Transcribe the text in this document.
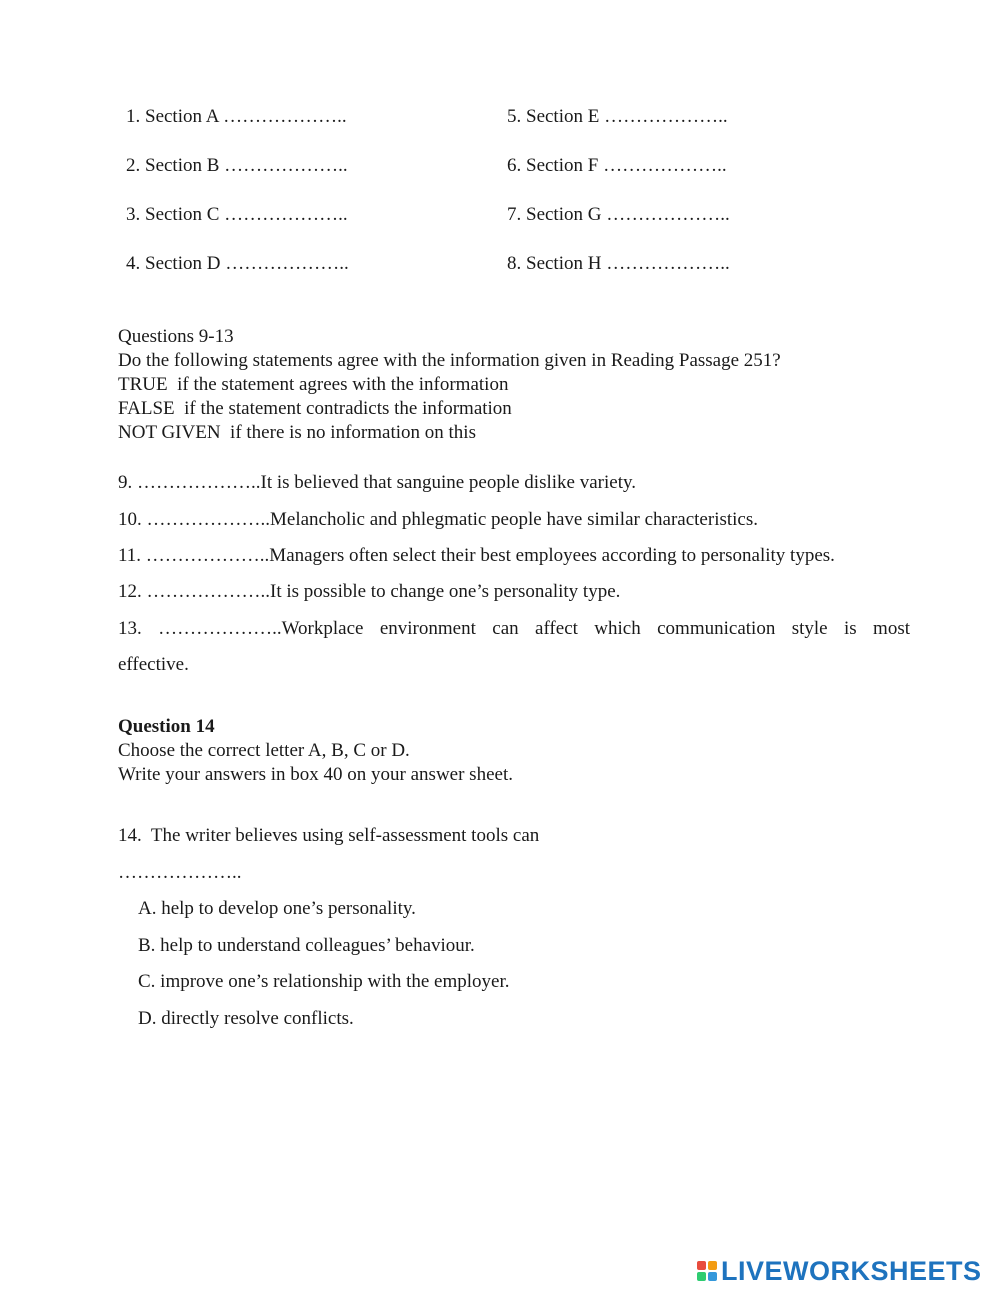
1. Section A ………………..
2. Section B ………………..
3. Section C ………………..
4. Section D ………………..
5. Section E ………………..
6. Section F ………………..
7. Section G ………………..
8. Section H ………………..
Questions 9-13
Do the following statements agree with the information given in Reading Passage 251?
TRUE  if the statement agrees with the information
FALSE  if the statement contradicts the information
NOT GIVEN  if there is no information on this
9. ………………..It is believed that sanguine people dislike variety.
10. ………………..Melancholic and phlegmatic people have similar characteristics.
11. ………………..Managers often select their best employees according to personality types.
12. ………………..It is possible to change one’s personality type.
13. ………………..Workplace environment can affect which communication style is most
effective.
Question 14
Choose the correct letter A, B, C or D.
Write your answers in box 40 on your answer sheet.
14.  The writer believes using self-assessment tools can
………………..
A. help to develop one’s personality.
B. help to understand colleagues’ behaviour.
C. improve one’s relationship with the employer.
D. directly resolve conflicts.
LIVEWORKSHEETS
